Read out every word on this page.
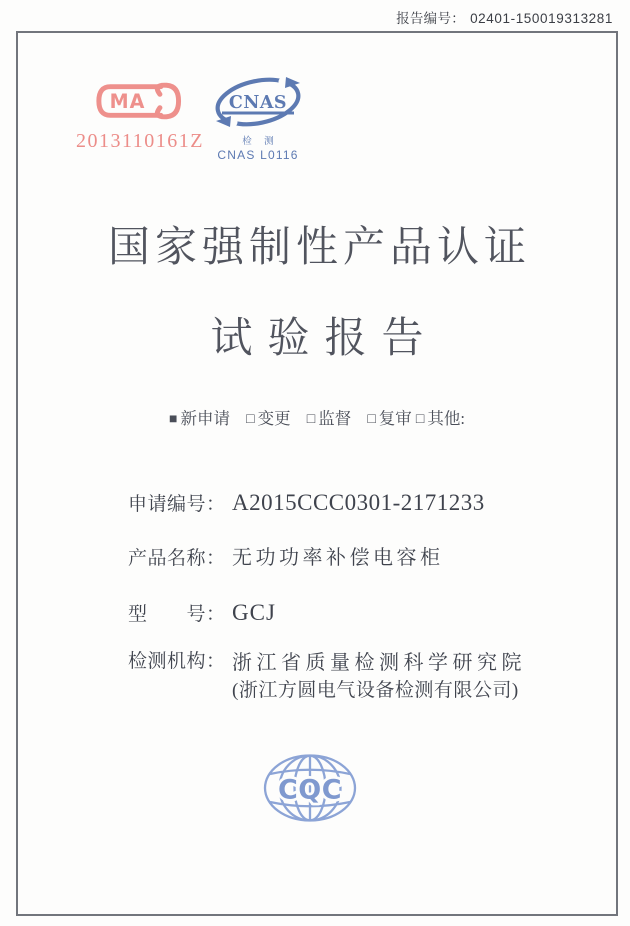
报告编号： 02401-150019313281
MA
2013110161Z
CNAS
检 测
CNAS L0116
国家强制性产品认证
试验报告
■ 新申请 □ 变更 □ 监督 □ 复审 □ 其他:
申请编号： A2015CCC0301-2171233
产品名称： 无功功率补偿电容柜
型　　号： GCJ
检测机构： 浙江省质量检测科学研究院
(浙江方圆电气设备检测有限公司)
CQC
